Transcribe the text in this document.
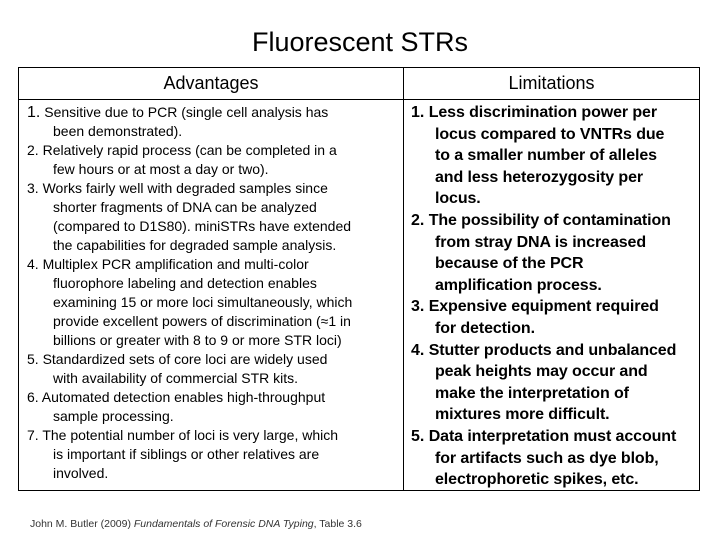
Fluorescent STRs
Advantages	Limitations
1. Sensitive due to PCR (single cell analysis has
been demonstrated).
2. Relatively rapid process (can be completed in a
few hours or at most a day or two).
3. Works fairly well with degraded samples since
shorter fragments of DNA can be analyzed
(compared to D1S80). miniSTRs have extended
the capabilities for degraded sample analysis.
4. Multiplex PCR amplification and multi-color
fluorophore labeling and detection enables
examining 15 or more loci simultaneously, which
provide excellent powers of discrimination (≈1 in
billions or greater with 8 to 9 or more STR loci)
5. Standardized sets of core loci are widely used
with availability of commercial STR kits.
6. Automated detection enables high-throughput
sample processing.
7. The potential number of loci is very large, which
is important if siblings or other relatives are
involved.
1. Less discrimination power per
locus compared to VNTRs due
to a smaller number of alleles
and less heterozygosity per
locus.
2. The possibility of contamination
from stray DNA is increased
because of the PCR
amplification process.
3. Expensive equipment required
for detection.
4. Stutter products and unbalanced
peak heights may occur and
make the interpretation of
mixtures more difficult.
5. Data interpretation must account
for artifacts such as dye blob,
electrophoretic spikes, etc.
John M. Butler (2009) Fundamentals of Forensic DNA Typing, Table 3.6
